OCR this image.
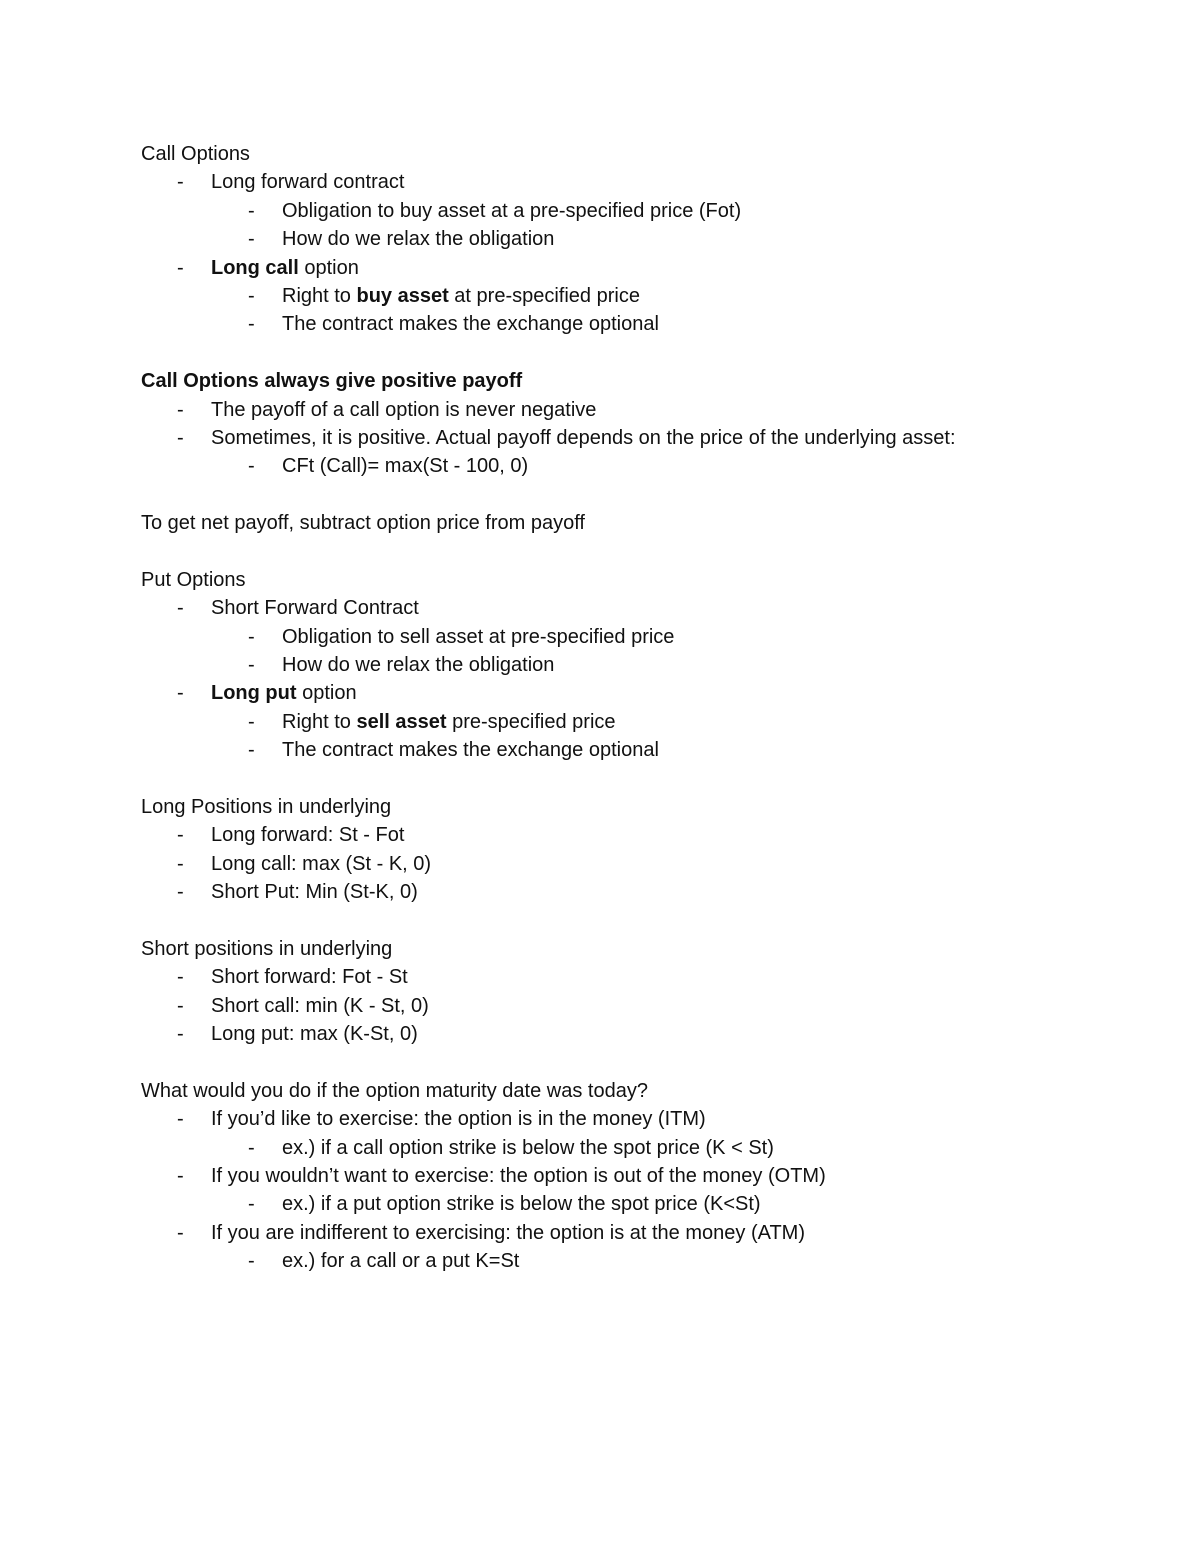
Call Options
- Long forward contract
- Obligation to buy asset at a pre-specified price (Fot)
- How do we relax the obligation
- Long call option
- Right to buy asset at pre-specified price
- The contract makes the exchange optional
Call Options always give positive payoff
- The payoff of a call option is never negative
- Sometimes, it is positive. Actual payoff depends on the price of the underlying asset:
- CFt (Call)= max(St - 100, 0)
To get net payoff, subtract option price from payoff
Put Options
- Short Forward Contract
- Obligation to sell asset at pre-specified price
- How do we relax the obligation
- Long put option
- Right to sell asset pre-specified price
- The contract makes the exchange optional
Long Positions in underlying
- Long forward: St - Fot
- Long call: max (St - K, 0)
- Short Put: Min (St-K, 0)
Short positions in underlying
- Short forward: Fot - St
- Short call: min (K - St, 0)
- Long put: max (K-St, 0)
What would you do if the option maturity date was today?
- If you’d like to exercise: the option is in the money (ITM)
- ex.) if a call option strike is below the spot price (K < St)
- If you wouldn’t want to exercise: the option is out of the money (OTM)
- ex.) if a put option strike is below the spot price (K<St)
- If you are indifferent to exercising: the option is at the money (ATM)
- ex.) for a call or a put K=St
